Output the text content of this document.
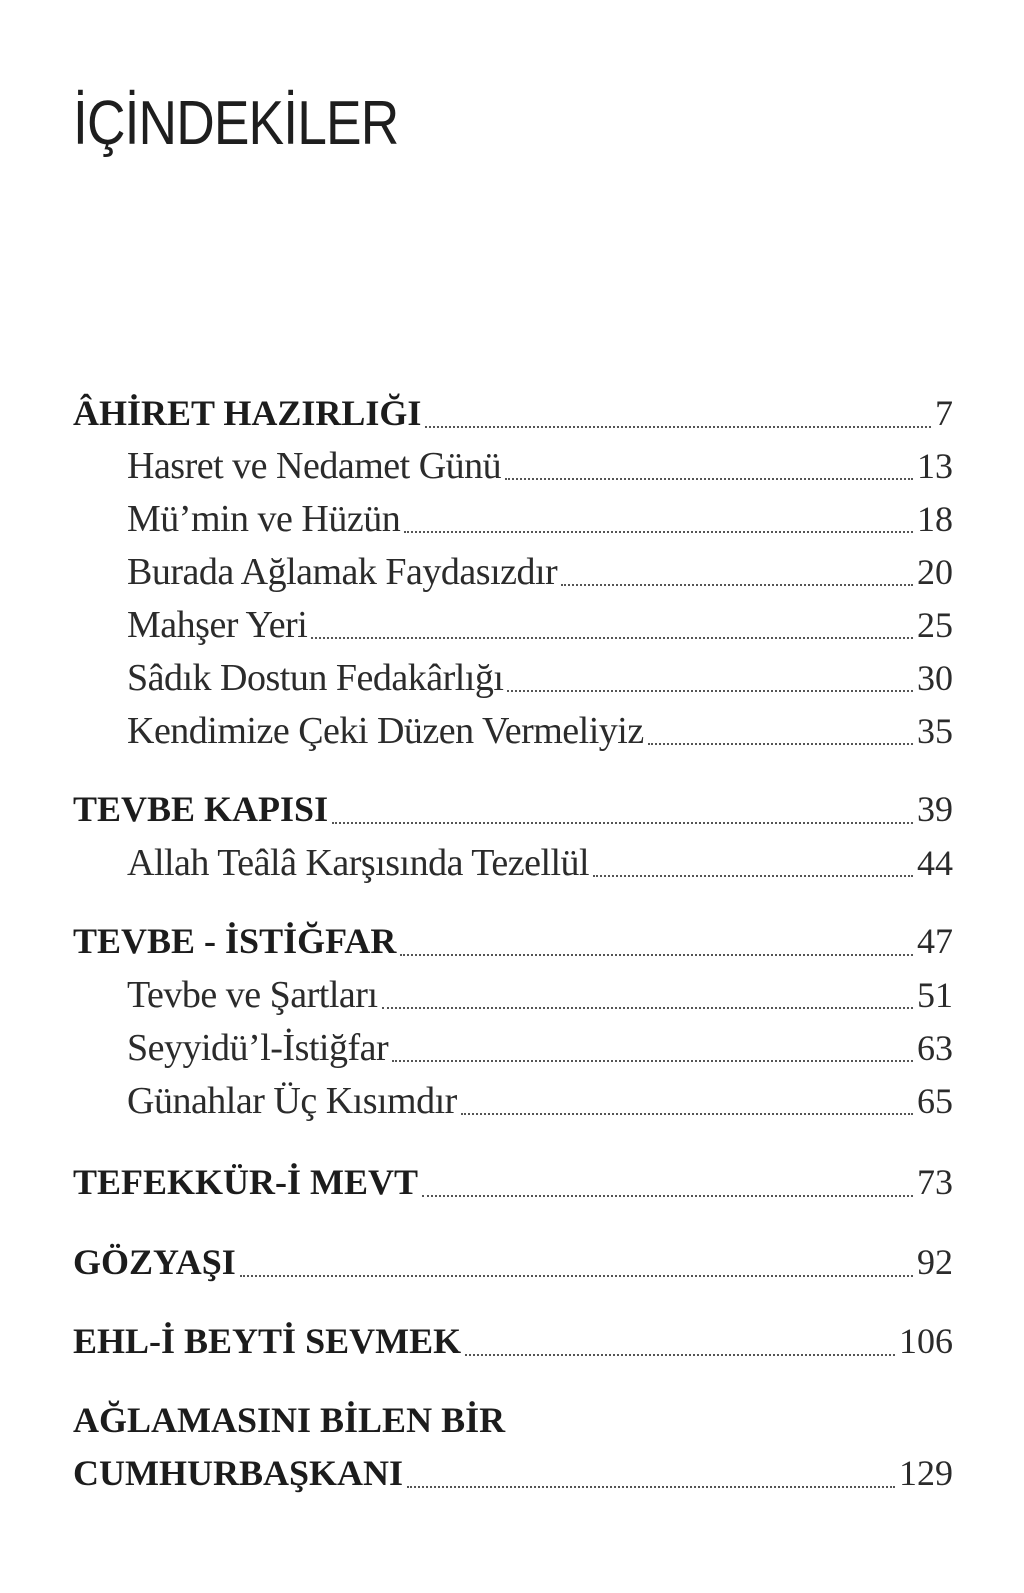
İÇİNDEKİLER
ÂHİRET HAZIRLIĞI	7
Hasret ve Nedamet Günü	13
Mü’min ve Hüzün	18
Burada Ağlamak Faydasızdır	20
Mahşer Yeri	25
Sâdık Dostun Fedakârlığı	30
Kendimize Çeki Düzen Vermeliyiz	35
TEVBE KAPISI	39
Allah Teâlâ Karşısında Tezellül	44
TEVBE - İSTİĞFAR	47
Tevbe ve Şartları	51
Seyyidü’l-İstiğfar	63
Günahlar Üç Kısımdır	65
TEFEKKÜR-İ MEVT	73
GÖZYAŞI	92
EHL-İ BEYTİ SEVMEK	106
AĞLAMASINI BİLEN BİR
CUMHURBAŞKANI	129
